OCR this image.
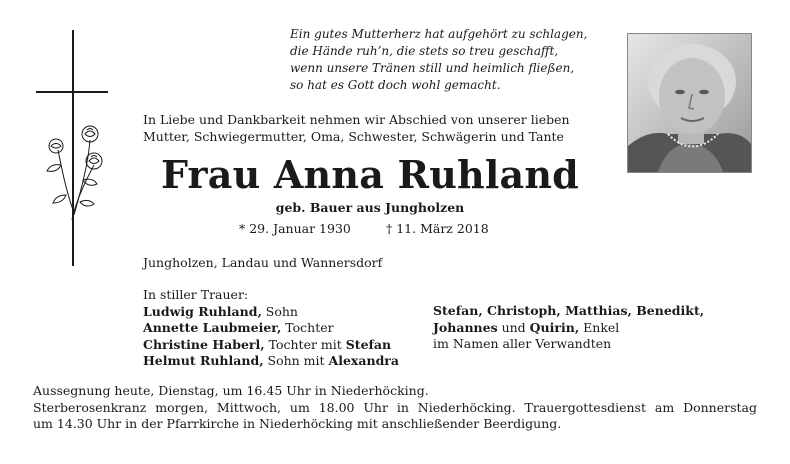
Ein gutes Mutterherz hat aufgehört zu schlagen,
die Hände ruh’n, die stets so treu geschafft,
wenn unsere Tränen still und heimlich fließen,
so hat es Gott doch wohl gemacht.
In Liebe und Dankbarkeit nehmen wir Abschied von unserer lieben
Mutter, Schwiegermutter, Oma, Schwester, Schwägerin und Tante
Frau Anna Ruhland
geb. Bauer aus Jungholzen
* 29. Januar 1930	† 11. März 2018
Jungholzen, Landau und Wannersdorf
In stiller Trauer:
Ludwig Ruhland, Sohn
Annette Laubmeier, Tochter
Christine Haberl, Tochter mit Stefan
Helmut Ruhland, Sohn mit Alexandra
Stefan, Christoph, Matthias, Benedikt,
Johannes und Quirin, Enkel
im Namen aller Verwandten
Aussegnung heute, Dienstag, um 16.45 Uhr in Niederhöcking.
Sterberosenkranz morgen, Mittwoch, um 18.00 Uhr in Niederhöcking. Trauergottesdienst am Donnerstag
um 14.30 Uhr in der Pfarrkirche in Niederhöcking mit anschließender Beerdigung.
